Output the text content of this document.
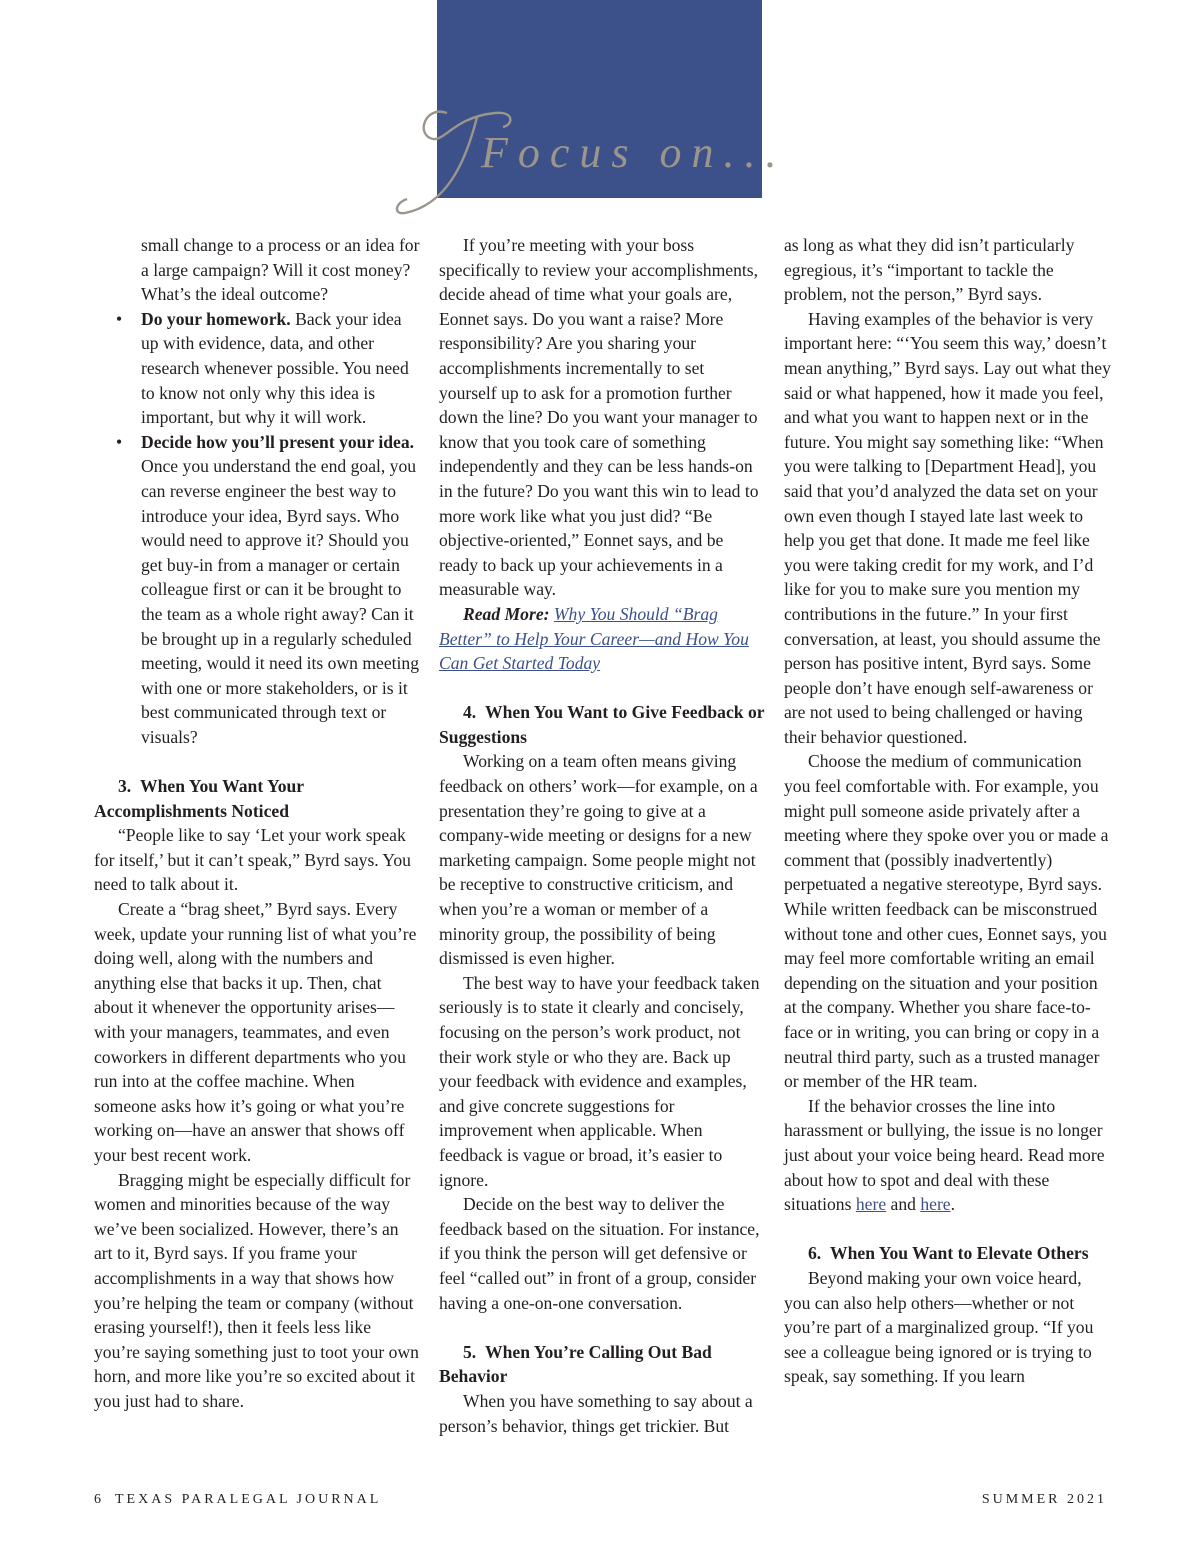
Focus on...

small change to a process or an idea for a large campaign? Will it cost money? What’s the ideal outcome?

• Do your homework. Back your idea up with evidence, data, and other research whenever possible. You need to know not only why this idea is important, but why it will work.

• Decide how you’ll present your idea. Once you understand the end goal, you can reverse engineer the best way to introduce your idea, Byrd says. Who would need to approve it? Should you get buy-in from a manager or certain colleague first or can it be brought to the team as a whole right away? Can it be brought up in a regularly scheduled meeting, would it need its own meeting with one or more stakeholders, or is it best communicated through text or visuals?

3. When You Want Your Accomplishments Noticed

“People like to say ‘Let your work speak for itself,’ but it can’t speak,” Byrd says. You need to talk about it.

Create a “brag sheet,” Byrd says. Every week, update your running list of what you’re doing well, along with the numbers and anything else that backs it up. Then, chat about it whenever the opportunity arises—with your managers, teammates, and even coworkers in different departments who you run into at the coffee machine. When someone asks how it’s going or what you’re working on—have an answer that shows off your best recent work.

Bragging might be especially difficult for women and minorities because of the way we’ve been socialized. However, there’s an art to it, Byrd says. If you frame your accomplishments in a way that shows how you’re helping the team or company (without erasing yourself!), then it feels less like you’re saying something just to toot your own horn, and more like you’re so excited about it you just had to share.

If you’re meeting with your boss specifically to review your accomplishments, decide ahead of time what your goals are, Eonnet says. Do you want a raise? More responsibility? Are you sharing your accomplishments incrementally to set yourself up to ask for a promotion further down the line? Do you want your manager to know that you took care of something independently and they can be less hands-on in the future? Do you want this win to lead to more work like what you just did? “Be objective-oriented,” Eonnet says, and be ready to back up your achievements in a measurable way.

Read More: Why You Should “Brag Better” to Help Your Career—and How You Can Get Started Today

4. When You Want to Give Feedback or Suggestions

Working on a team often means giving feedback on others’ work—for example, on a presentation they’re going to give at a company-wide meeting or designs for a new marketing campaign. Some people might not be receptive to constructive criticism, and when you’re a woman or member of a minority group, the possibility of being dismissed is even higher.

The best way to have your feedback taken seriously is to state it clearly and concisely, focusing on the person’s work product, not their work style or who they are. Back up your feedback with evidence and examples, and give concrete suggestions for improvement when applicable. When feedback is vague or broad, it’s easier to ignore.

Decide on the best way to deliver the feedback based on the situation. For instance, if you think the person will get defensive or feel “called out” in front of a group, consider having a one-on-one conversation.

5. When You’re Calling Out Bad Behavior

When you have something to say about a person’s behavior, things get trickier. But

as long as what they did isn’t particularly egregious, it’s “important to tackle the problem, not the person,” Byrd says.

Having examples of the behavior is very important here: “‘You seem this way,’ doesn’t mean anything,” Byrd says. Lay out what they said or what happened, how it made you feel, and what you want to happen next or in the future. You might say something like: “When you were talking to [Department Head], you said that you’d analyzed the data set on your own even though I stayed late last week to help you get that done. It made me feel like you were taking credit for my work, and I’d like for you to make sure you mention my contributions in the future.” In your first conversation, at least, you should assume the person has positive intent, Byrd says. Some people don’t have enough self-awareness or are not used to being challenged or having their behavior questioned.

Choose the medium of communication you feel comfortable with. For example, you might pull someone aside privately after a meeting where they spoke over you or made a comment that (possibly inadvertently) perpetuated a negative stereotype, Byrd says. While written feedback can be misconstrued without tone and other cues, Eonnet says, you may feel more comfortable writing an email depending on the situation and your position at the company. Whether you share face-to-face or in writing, you can bring or copy in a neutral third party, such as a trusted manager or member of the HR team.

If the behavior crosses the line into harassment or bullying, the issue is no longer just about your voice being heard. Read more about how to spot and deal with these situations here and here.

6. When You Want to Elevate Others

Beyond making your own voice heard, you can also help others—whether or not you’re part of a marginalized group. “If you see a colleague being ignored or is trying to speak, say something. If you learn

6 TEXAS PARALEGAL JOURNAL	SUMMER 2021
